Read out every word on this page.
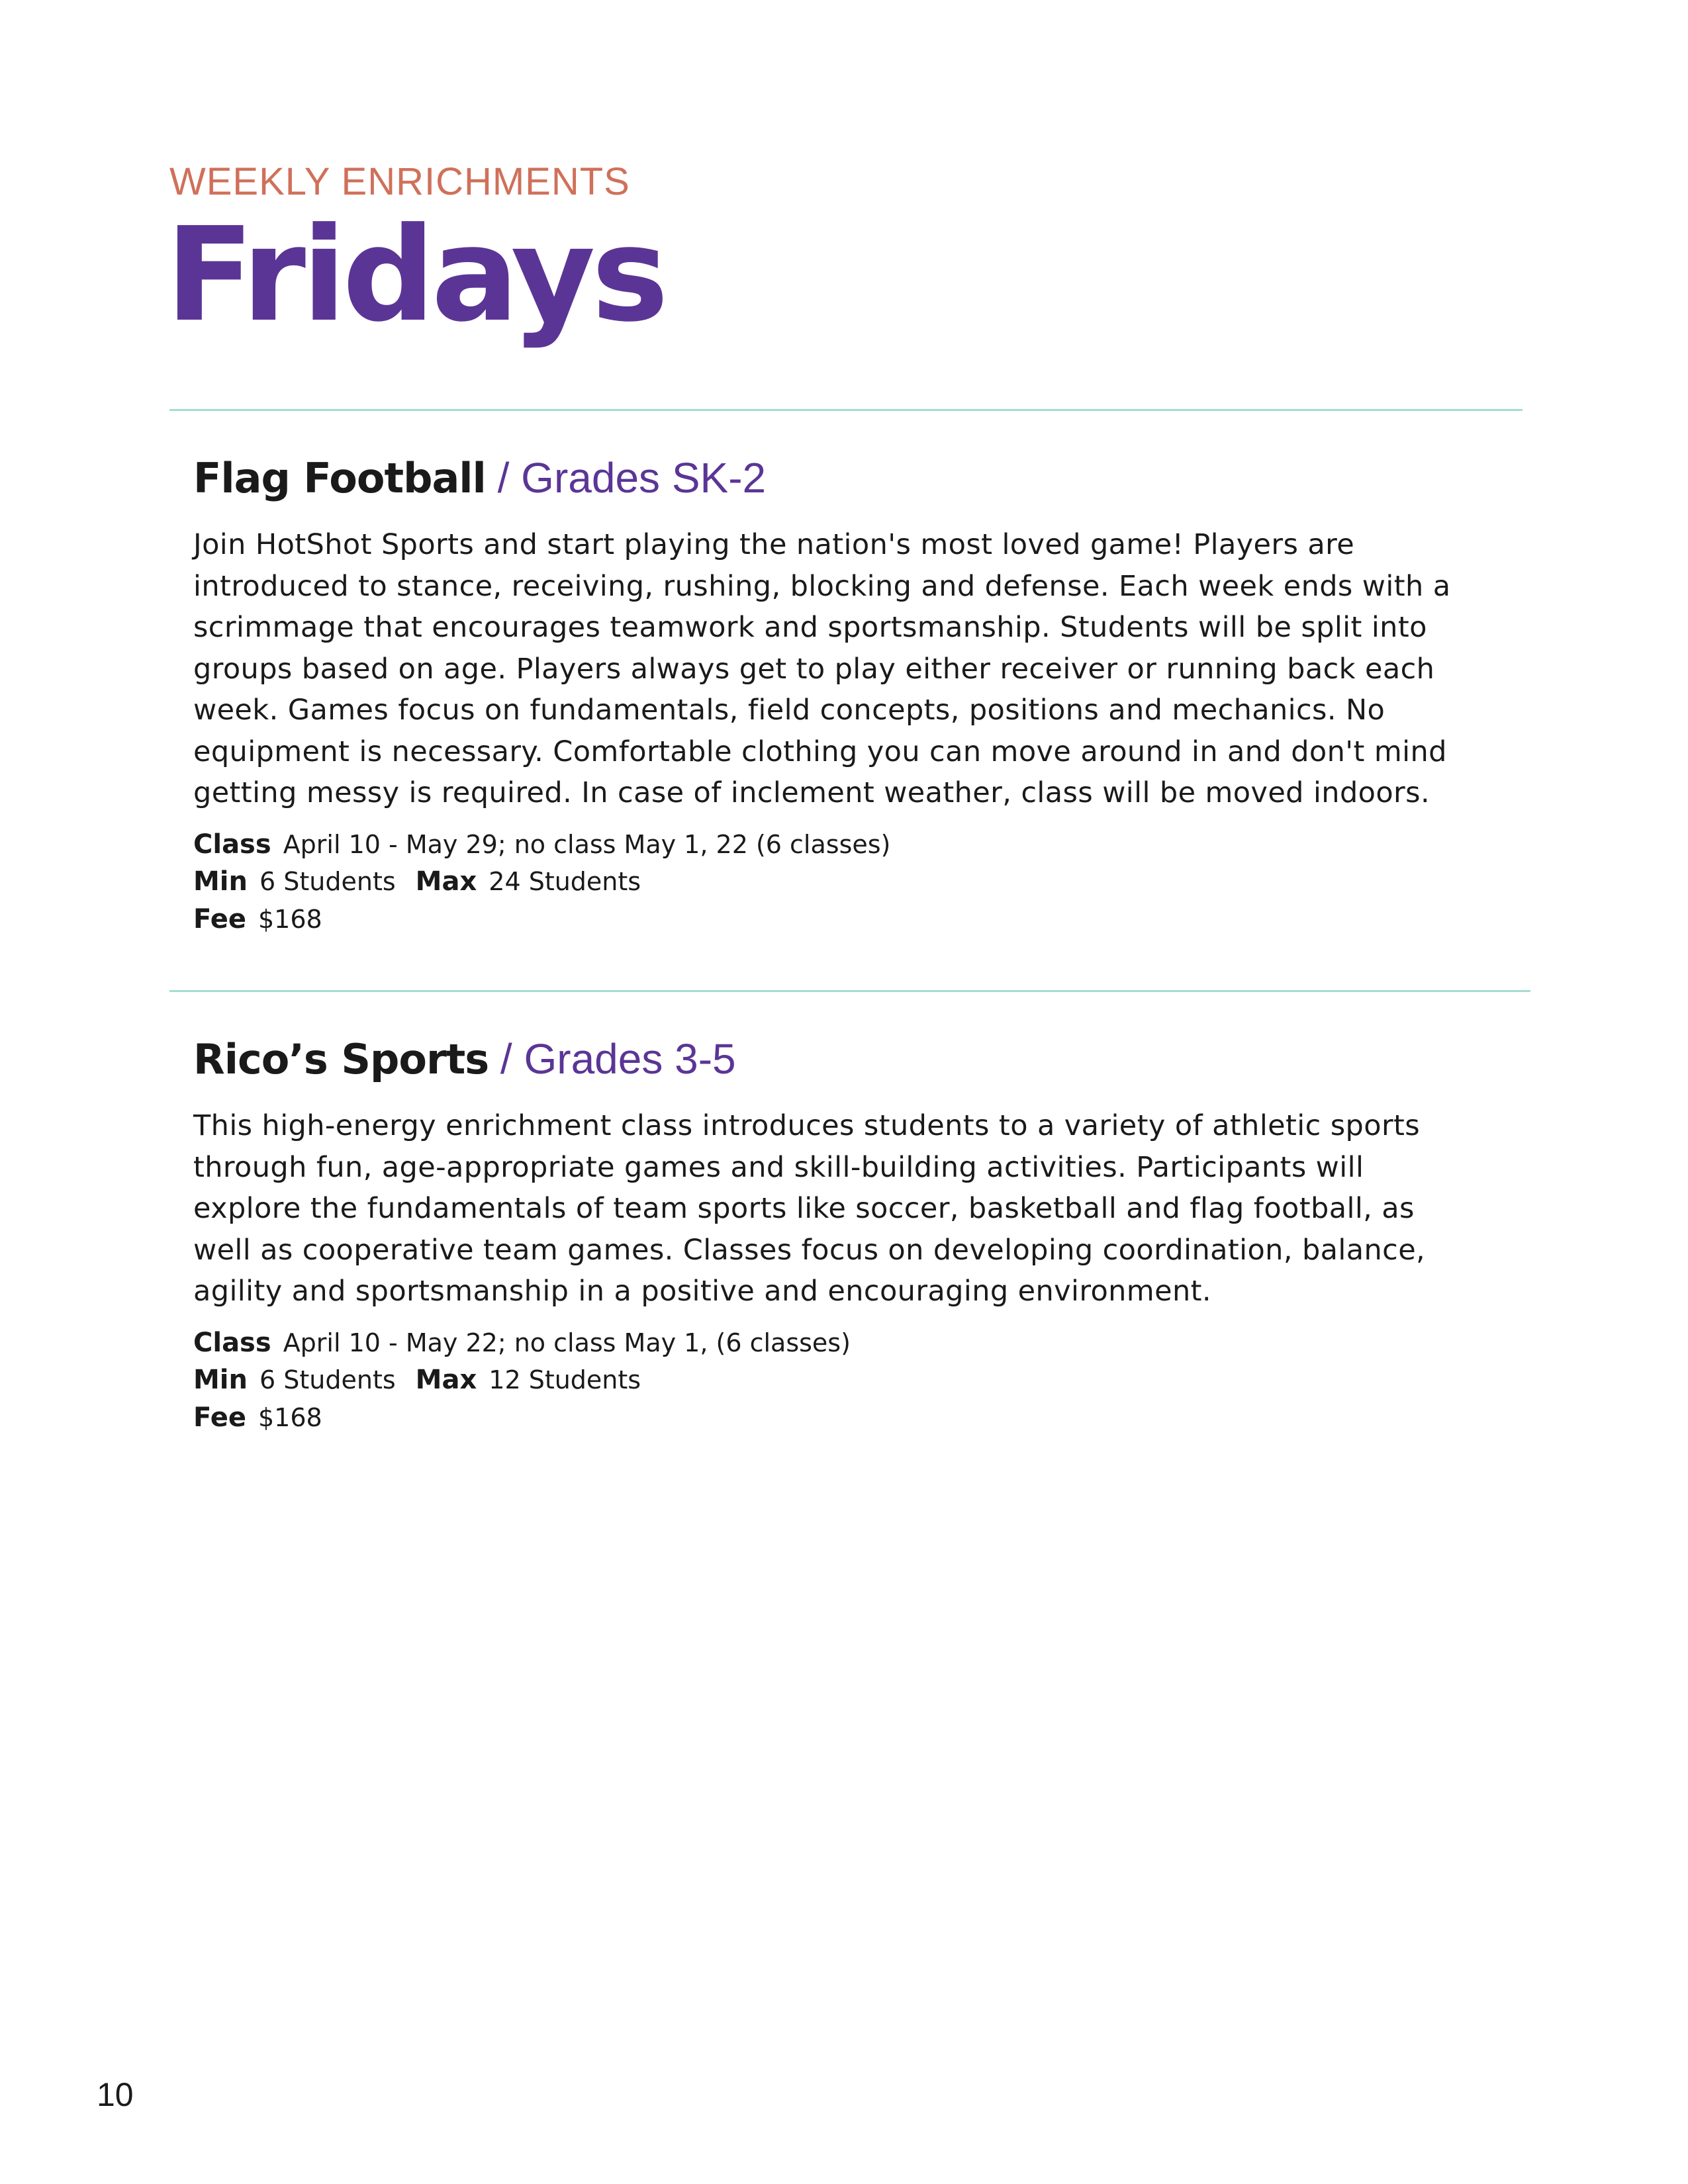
WEEKLY ENRICHMENTS
Fridays
Flag Football / Grades SK-2
Join HotShot Sports and start playing the nation's most loved game! Players are
introduced to stance, receiving, rushing, blocking and defense. Each week ends with a
scrimmage that encourages teamwork and sportsmanship. Students will be split into
groups based on age. Players always get to play either receiver or running back each
week. Games focus on fundamentals, field concepts, positions and mechanics. No
equipment is necessary. Comfortable clothing you can move around in and don't mind
getting messy is required. In case of inclement weather, class will be moved indoors.
Class April 10 - May 29; no class May 1, 22 (6 classes)
Min 6 Students Max 24 Students
Fee $168
Rico’s Sports / Grades 3-5
This high-energy enrichment class introduces students to a variety of athletic sports
through fun, age-appropriate games and skill-building activities. Participants will
explore the fundamentals of team sports like soccer, basketball and flag football, as
well as cooperative team games. Classes focus on developing coordination, balance,
agility and sportsmanship in a positive and encouraging environment.
Class April 10 - May 22; no class May 1, (6 classes)
Min 6 Students Max 12 Students
Fee $168
10
